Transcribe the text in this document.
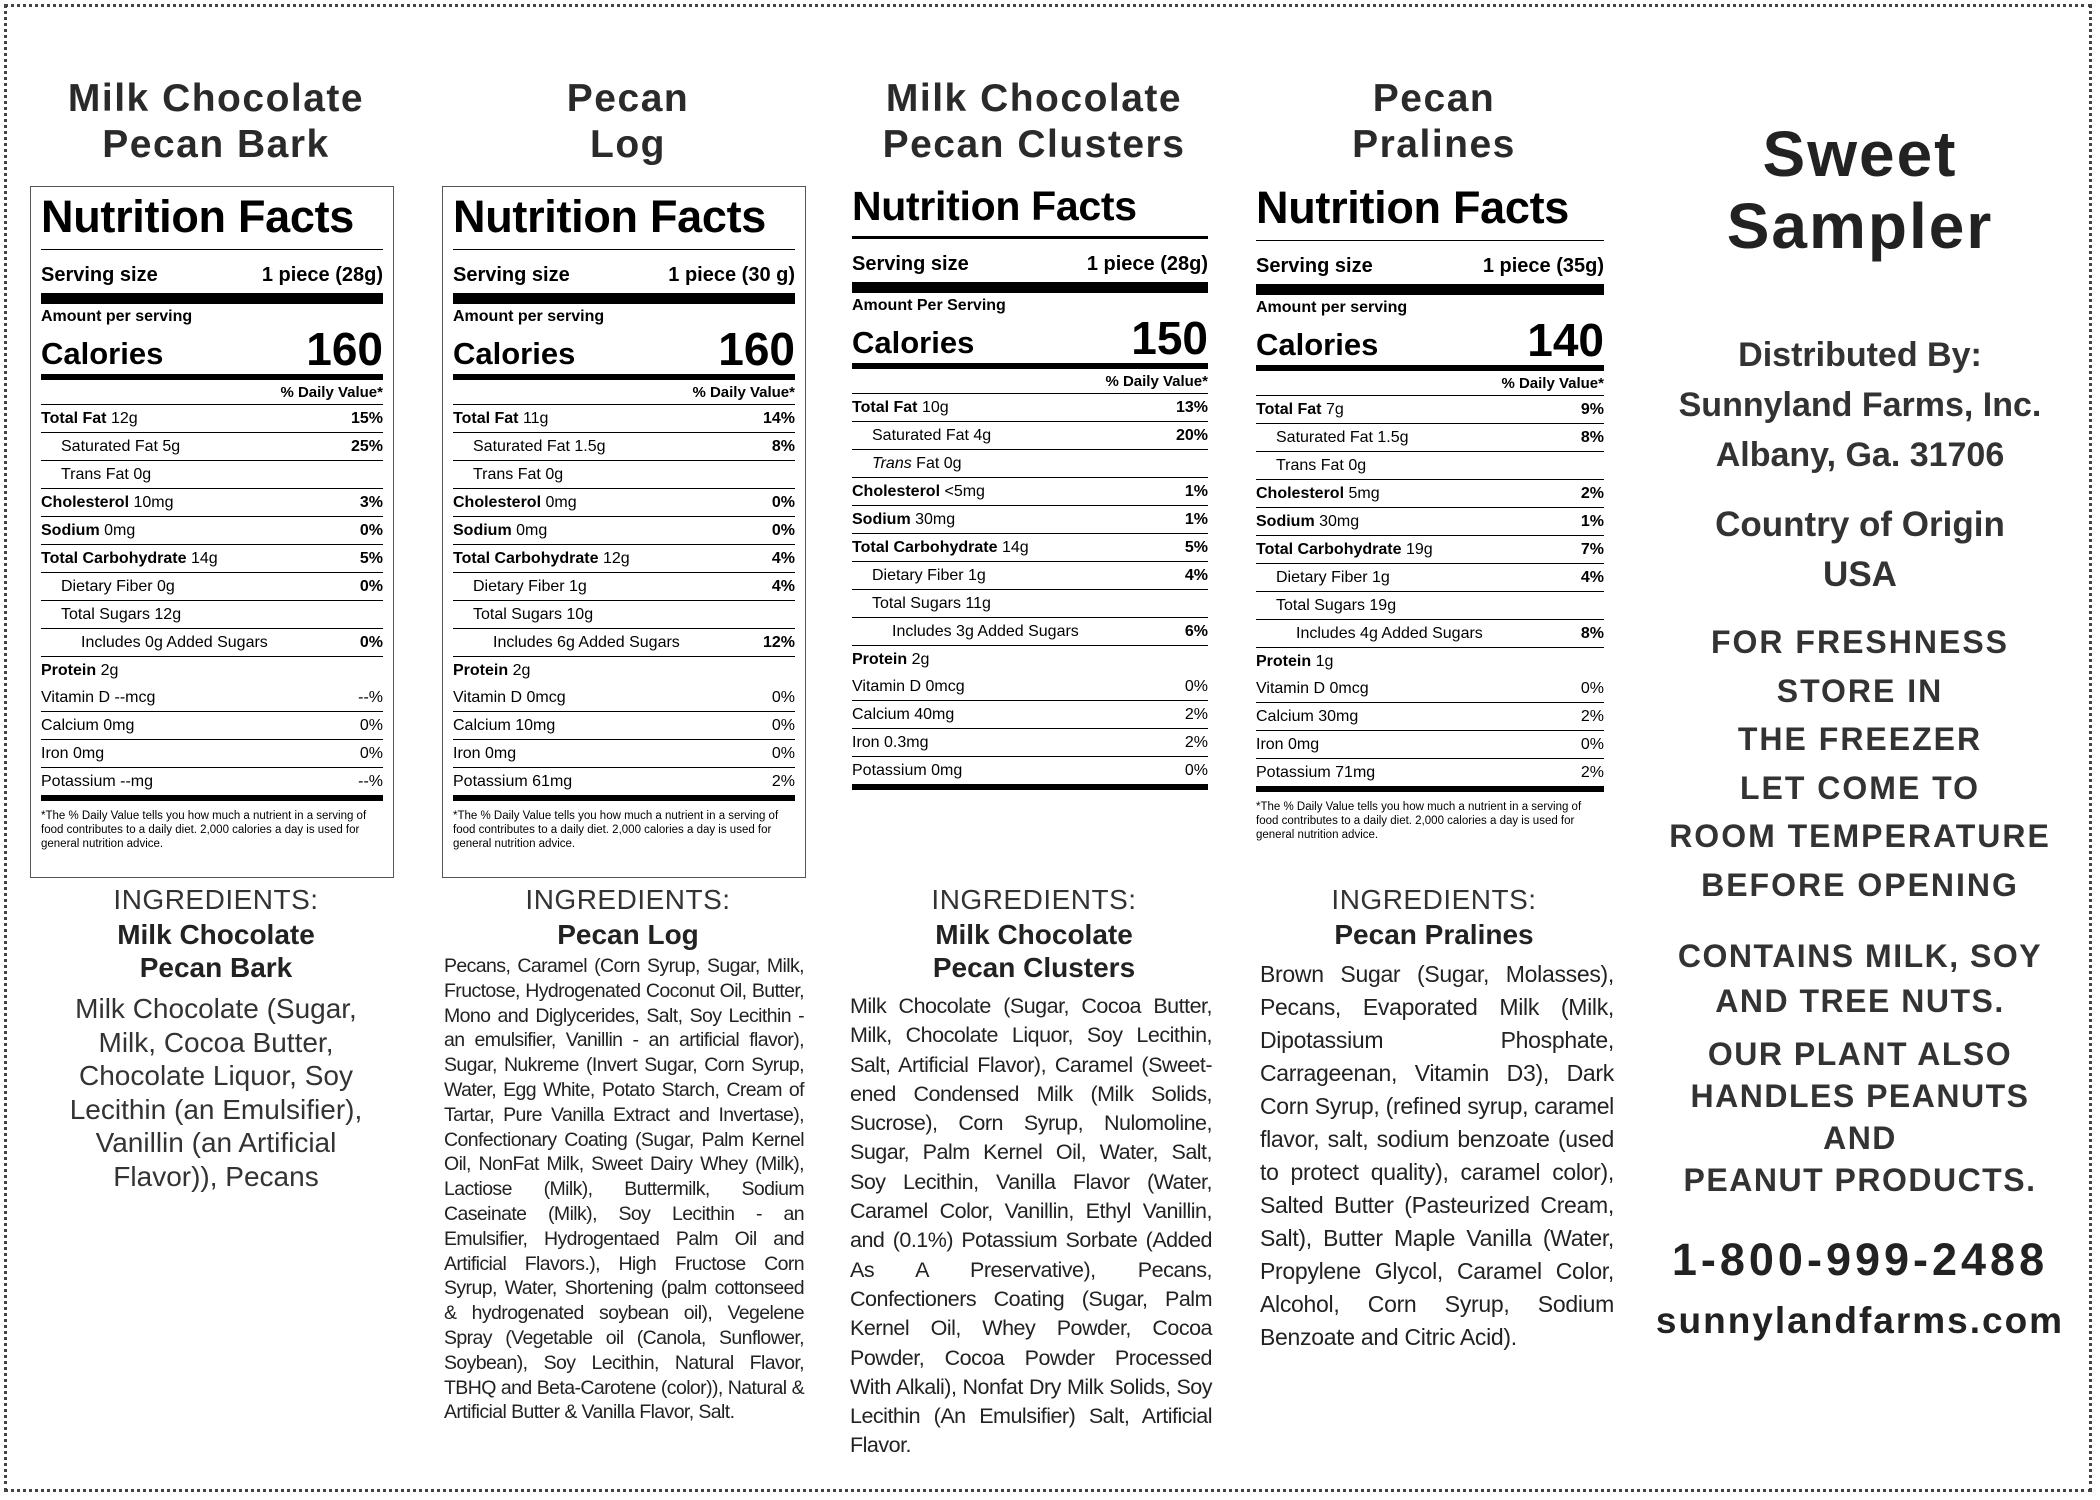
Milk Chocolate
Pecan Bark
Nutrition Facts
Serving size	1 piece (28g)
Amount per serving
Calories	160
% Daily Value*
Total Fat 12g	15%
Saturated Fat 5g	25%
Trans Fat 0g
Cholesterol 10mg	3%
Sodium 0mg	0%
Total Carbohydrate 14g	5%
Dietary Fiber 0g	0%
Total Sugars 12g
Includes 0g Added Sugars	0%
Protein 2g
Vitamin D --mcg	--%
Calcium 0mg	0%
Iron 0mg	0%
Potassium --mg	--%
*The % Daily Value tells you how much a nutrient in a serving of food contributes to a daily diet. 2,000 calories a day is used for general nutrition advice.
INGREDIENTS:
Milk Chocolate
Pecan Bark
Milk Chocolate (Sugar, Milk, Cocoa Butter, Chocolate Liquor, Soy Lecithin (an Emulsifier), Vanillin (an Artificial Flavor)), Pecans
Pecan
Log
Nutrition Facts
Serving size	1 piece (30 g)
Amount per serving
Calories	160
% Daily Value*
Total Fat 11g	14%
Saturated Fat 1.5g	8%
Trans Fat 0g
Cholesterol 0mg	0%
Sodium 0mg	0%
Total Carbohydrate 12g	4%
Dietary Fiber 1g	4%
Total Sugars 10g
Includes 6g Added Sugars	12%
Protein 2g
Vitamin D 0mcg	0%
Calcium 10mg	0%
Iron 0mg	0%
Potassium 61mg	2%
*The % Daily Value tells you how much a nutrient in a serving of food contributes to a daily diet. 2,000 calories a day is used for general nutrition advice.
INGREDIENTS:
Pecan Log
Pecans, Caramel (Corn Syrup, Sugar, Milk, Fructose, Hydrogenated Coconut Oil, Butter, Mono and Diglycerides, Salt, Soy Lecithin - an emulsifier, Vanillin - an artificial flavor), Sugar, Nukreme (Invert Sugar, Corn Syrup, Water, Egg White, Potato Starch, Cream of Tartar, Pure Vanilla Extract and Invertase), Confectionary Coating (Sugar, Palm Kernel Oil, NonFat Milk, Sweet Dairy Whey (Milk), Lactiose (Milk), Buttermilk, Sodium Caseinate (Milk), Soy Lecithin - an Emulsifier, Hydrogentaed Palm Oil and Artificial Flavors.), High Fructose Corn Syrup, Water, Shortening (palm cottonseed & hydrogenated soybean oil), Vegelene Spray (Vegetable oil (Canola, Sunflower, Soybean), Soy Lecithin, Natural Flavor, TBHQ and Beta-Carotene (color)), Natural & Artificial Butter & Vanilla Flavor, Salt.
Milk Chocolate
Pecan Clusters
Nutrition Facts
Serving size	1 piece (28g)
Amount Per Serving
Calories	150
% Daily Value*
Total Fat 10g	13%
Saturated Fat 4g	20%
Trans Fat 0g
Cholesterol <5mg	1%
Sodium 30mg	1%
Total Carbohydrate 14g	5%
Dietary Fiber 1g	4%
Total Sugars 11g
Includes 3g Added Sugars	6%
Protein 2g
Vitamin D 0mcg	0%
Calcium 40mg	2%
Iron 0.3mg	2%
Potassium 0mg	0%
INGREDIENTS:
Milk Chocolate
Pecan Clusters
Milk Chocolate (Sugar, Cocoa Butter, Milk, Chocolate Liquor, Soy Lecithin, Salt, Artificial Flavor), Caramel (Sweet-ened Condensed Milk (Milk Solids, Sucrose), Corn Syrup, Nulomoline, Sugar, Palm Kernel Oil, Water, Salt, Soy Lecithin, Vanilla Flavor (Water, Caramel Color, Vanillin, Ethyl Vanillin, and (0.1%) Potassium Sorbate (Added As A Preservative), Pecans, Confectioners Coating (Sugar, Palm Kernel Oil, Whey Powder, Cocoa Powder, Cocoa Powder Processed With Alkali), Nonfat Dry Milk Solids, Soy Lecithin (An Emulsifier) Salt, Artificial Flavor.
Pecan
Pralines
Nutrition Facts
Serving size	1 piece (35g)
Amount per serving
Calories	140
% Daily Value*
Total Fat 7g	9%
Saturated Fat 1.5g	8%
Trans Fat 0g
Cholesterol 5mg	2%
Sodium 30mg	1%
Total Carbohydrate 19g	7%
Dietary Fiber 1g	4%
Total Sugars 19g
Includes 4g Added Sugars	8%
Protein 1g
Vitamin D 0mcg	0%
Calcium 30mg	2%
Iron 0mg	0%
Potassium 71mg	2%
*The % Daily Value tells you how much a nutrient in a serving of food contributes to a daily diet. 2,000 calories a day is used for general nutrition advice.
INGREDIENTS:
Pecan Pralines
Brown Sugar (Sugar, Molasses), Pecans, Evaporated Milk (Milk, Dipotassium Phosphate, Carrageenan, Vitamin D3), Dark Corn Syrup, (refined syrup, caramel flavor, salt, sodium benzoate (used to protect quality), caramel color), Salted Butter (Pasteurized Cream, Salt), Butter Maple Vanilla (Water, Propylene Glycol, Caramel Color, Alcohol, Corn Syrup, Sodium Benzoate and Citric Acid).
Sweet
Sampler
Distributed By:
Sunnyland Farms, Inc.
Albany, Ga. 31706
Country of Origin
USA
FOR FRESHNESS
STORE IN
THE FREEZER
LET COME TO
ROOM TEMPERATURE
BEFORE OPENING
CONTAINS MILK, SOY
AND TREE NUTS.
OUR PLANT ALSO
HANDLES PEANUTS
AND
PEANUT PRODUCTS.
1-800-999-2488
sunnylandfarms.com
